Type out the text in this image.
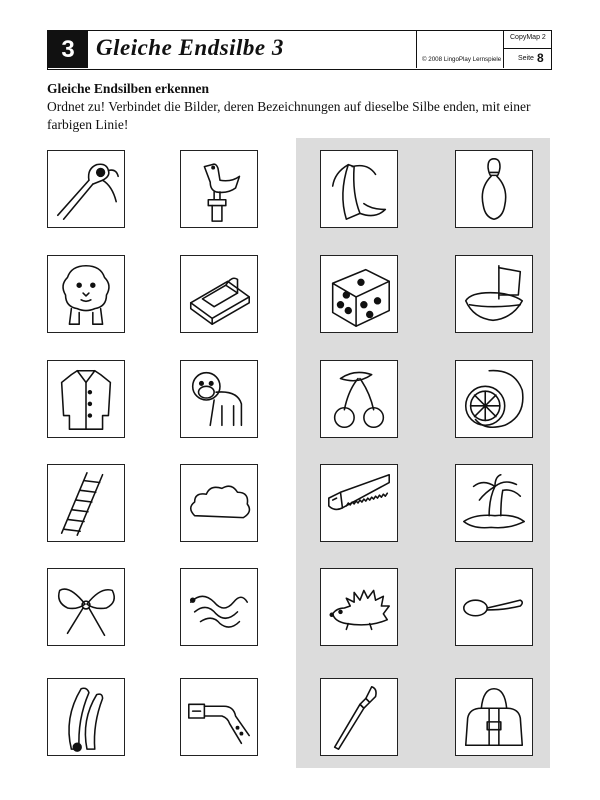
3 Gleiche Endsilbe 3	© 2008 LingoPlay Lernspiele
CopyMap 2
Seite 8
Gleiche Endsilben erkennen
Ordnet zu! Verbindet die Bilder, deren Bezeichnungen auf dieselbe Silbe enden, mit einer farbigen Linie!
